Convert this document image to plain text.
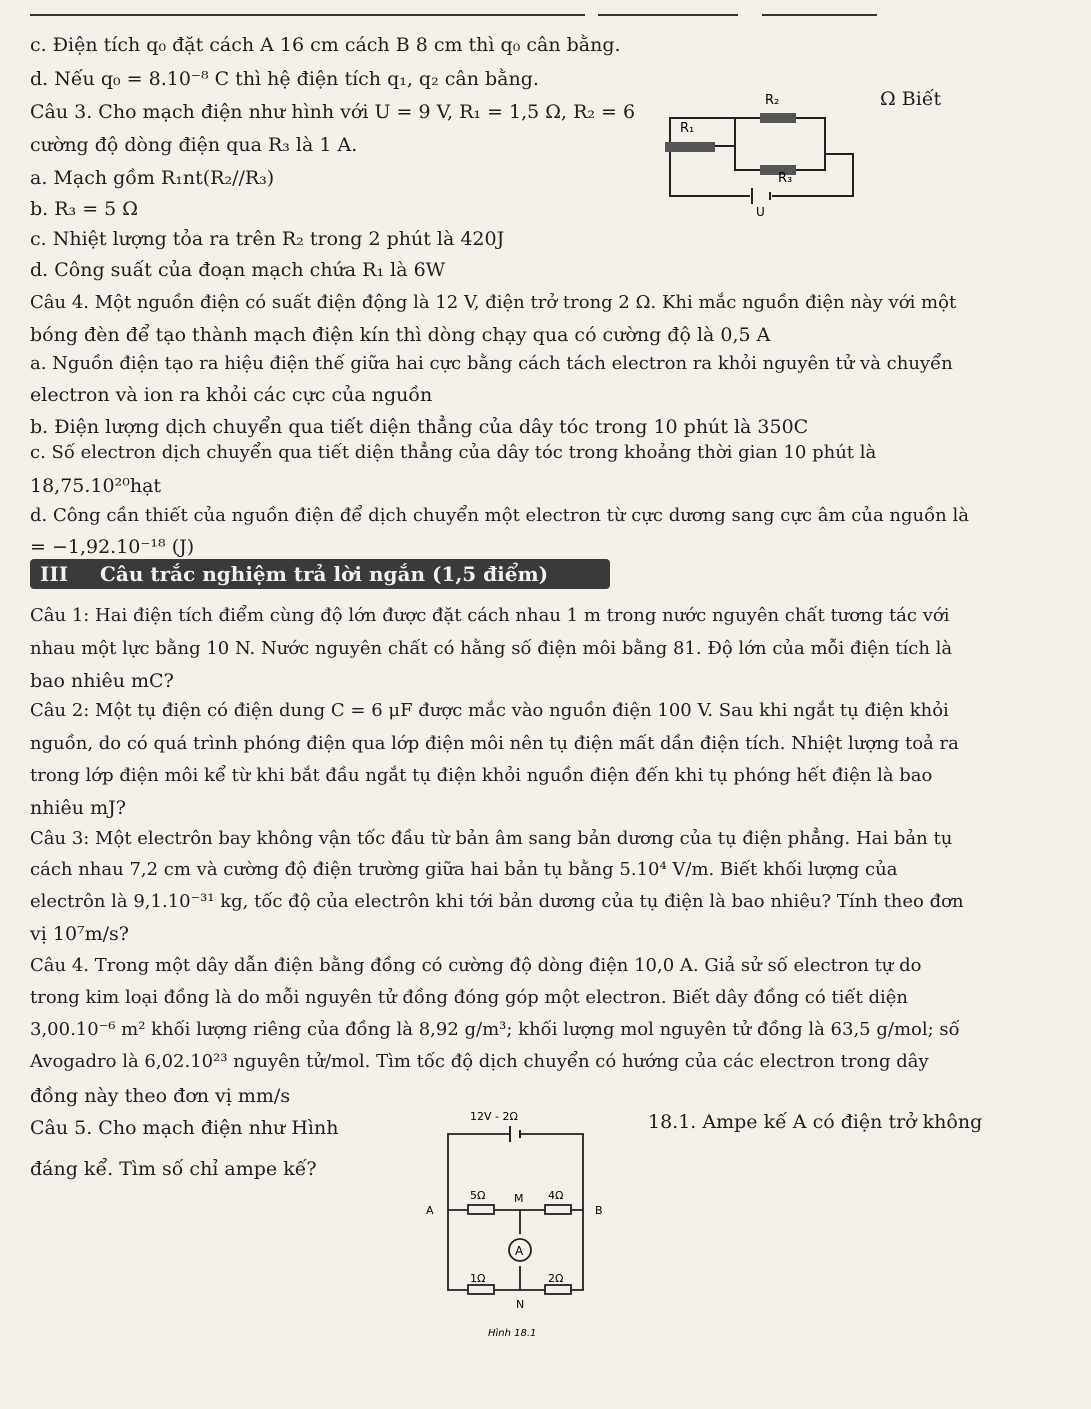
c. Điện tích q₀ đặt cách A 16 cm cách B 8 cm thì q₀ cân bằng.
d. Nếu q₀ = 8.10⁻⁸ C thì hệ điện tích q₁, q₂ cân bằng.
Câu 3. Cho mạch điện như hình với U = 9 V, R₁ = 1,5 Ω, R₂ = 6
Ω Biết
cường độ dòng điện qua R₃ là 1 A.
a. Mạch gồm R₁nt(R₂//R₃)
b. R₃ = 5 Ω
c. Nhiệt lượng tỏa ra trên R₂ trong 2 phút là 420J
d. Công suất của đoạn mạch chứa R₁ là 6W
Câu 4. Một nguồn điện có suất điện động là 12 V, điện trở trong 2 Ω. Khi mắc nguồn điện này với một
bóng đèn để tạo thành mạch điện kín thì dòng chạy qua có cường độ là 0,5 A
a. Nguồn điện tạo ra hiệu điện thế giữa hai cực bằng cách tách electron ra khỏi nguyên tử và chuyển
electron và ion ra khỏi các cực của nguồn
b. Điện lượng dịch chuyển qua tiết diện thẳng của dây tóc trong 10 phút là 350C
c. Số electron dịch chuyển qua tiết diện thẳng của dây tóc trong khoảng thời gian 10 phút là
18,75.10²⁰hạt
d. Công cần thiết của nguồn điện để dịch chuyển một electron từ cực dương sang cực âm của nguồn là
= −1,92.10⁻¹⁸ (J)
III Câu trắc nghiệm trả lời ngắn (1,5 điểm)
Câu 1: Hai điện tích điểm cùng độ lớn được đặt cách nhau 1 m trong nước nguyên chất tương tác với
nhau một lực bằng 10 N. Nước nguyên chất có hằng số điện môi bằng 81. Độ lớn của mỗi điện tích là
bao nhiêu mC?
Câu 2: Một tụ điện có điện dung C = 6 μF được mắc vào nguồn điện 100 V. Sau khi ngắt tụ điện khỏi
nguồn, do có quá trình phóng điện qua lớp điện môi nên tụ điện mất dần điện tích. Nhiệt lượng toả ra
trong lớp điện môi kể từ khi bắt đầu ngắt tụ điện khỏi nguồn điện đến khi tụ phóng hết điện là bao
nhiêu mJ?
Câu 3: Một electrôn bay không vận tốc đầu từ bản âm sang bản dương của tụ điện phẳng. Hai bản tụ
cách nhau 7,2 cm và cường độ điện trường giữa hai bản tụ bằng 5.10⁴ V/m. Biết khối lượng của
electrôn là 9,1.10⁻³¹ kg, tốc độ của electrôn khi tới bản dương của tụ điện là bao nhiêu? Tính theo đơn
vị 10⁷m/s?
Câu 4. Trong một dây dẫn điện bằng đồng có cường độ dòng điện 10,0 A. Giả sử số electron tự do
trong kim loại đồng là do mỗi nguyên tử đồng đóng góp một electron. Biết dây đồng có tiết diện
3,00.10⁻⁶ m² khối lượng riêng của đồng là 8,92 g/m³; khối lượng mol nguyên tử đồng là 63,5 g/mol; số
Avogadro là 6,02.10²³ nguyên tử/mol. Tìm tốc độ dịch chuyển có hướng của các electron trong dây
đồng này theo đơn vị mm/s
Câu 5. Cho mạch điện như Hình	18.1. Ampe kế A có điện trở không
đáng kể. Tìm số chỉ ampe kế?
R₂
R₁
R₃
U
A
12V - 2Ω
A	B
M
5Ω	4Ω
1Ω	2Ω
N
Hình 18.1
